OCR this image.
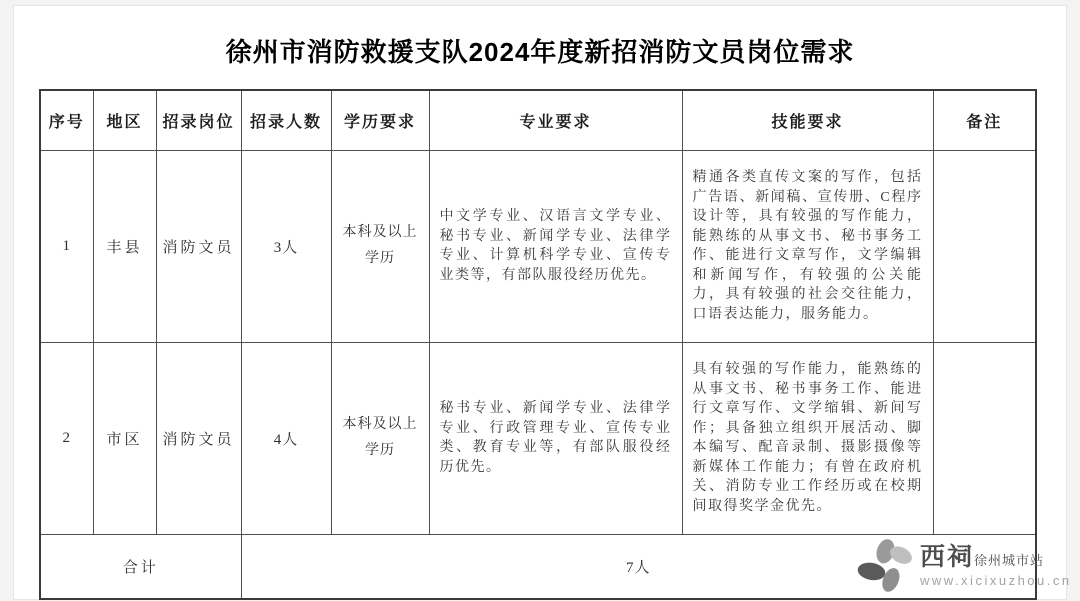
徐州市消防救援支队2024年度新招消防文员岗位需求
序号	地区	招录岗位	招录人数	学历要求	专业要求	技能要求	备注
1	丰县	消防文员	3人	本科及以上学历	中文学专业、汉语言文学专业、秘书专业、新闻学专业、法律学专业、计算机科学专业、宣传专业类等，有部队服役经历优先。	精通各类直传文案的写作，包括广告语、新闻稿、宣传册、C程序设计等，具有较强的写作能力，能熟练的从事文书、秘书事务工作、能进行文章写作，文学编辑和新闻写作，有较强的公关能力，具有较强的社会交往能力，口语表达能力，服务能力。	
2	市区	消防文员	4人	本科及以上学历	秘书专业、新闻学专业、法律学专业、行政管理专业、宣传专业类、教育专业等，有部队服役经历优先。	具有较强的写作能力，能熟练的从事文书、秘书事务工作、能进行文章写作、文学缩辑、新间写作；具备独立组织开展活动、脚本编写、配音录制、摄影摄像等新媒体工作能力；有曾在政府机关、消防专业工作经历或在校期间取得奖学金优先。	
合计			7人					西祠 徐州城市站
www.xicixuzhou.cn
